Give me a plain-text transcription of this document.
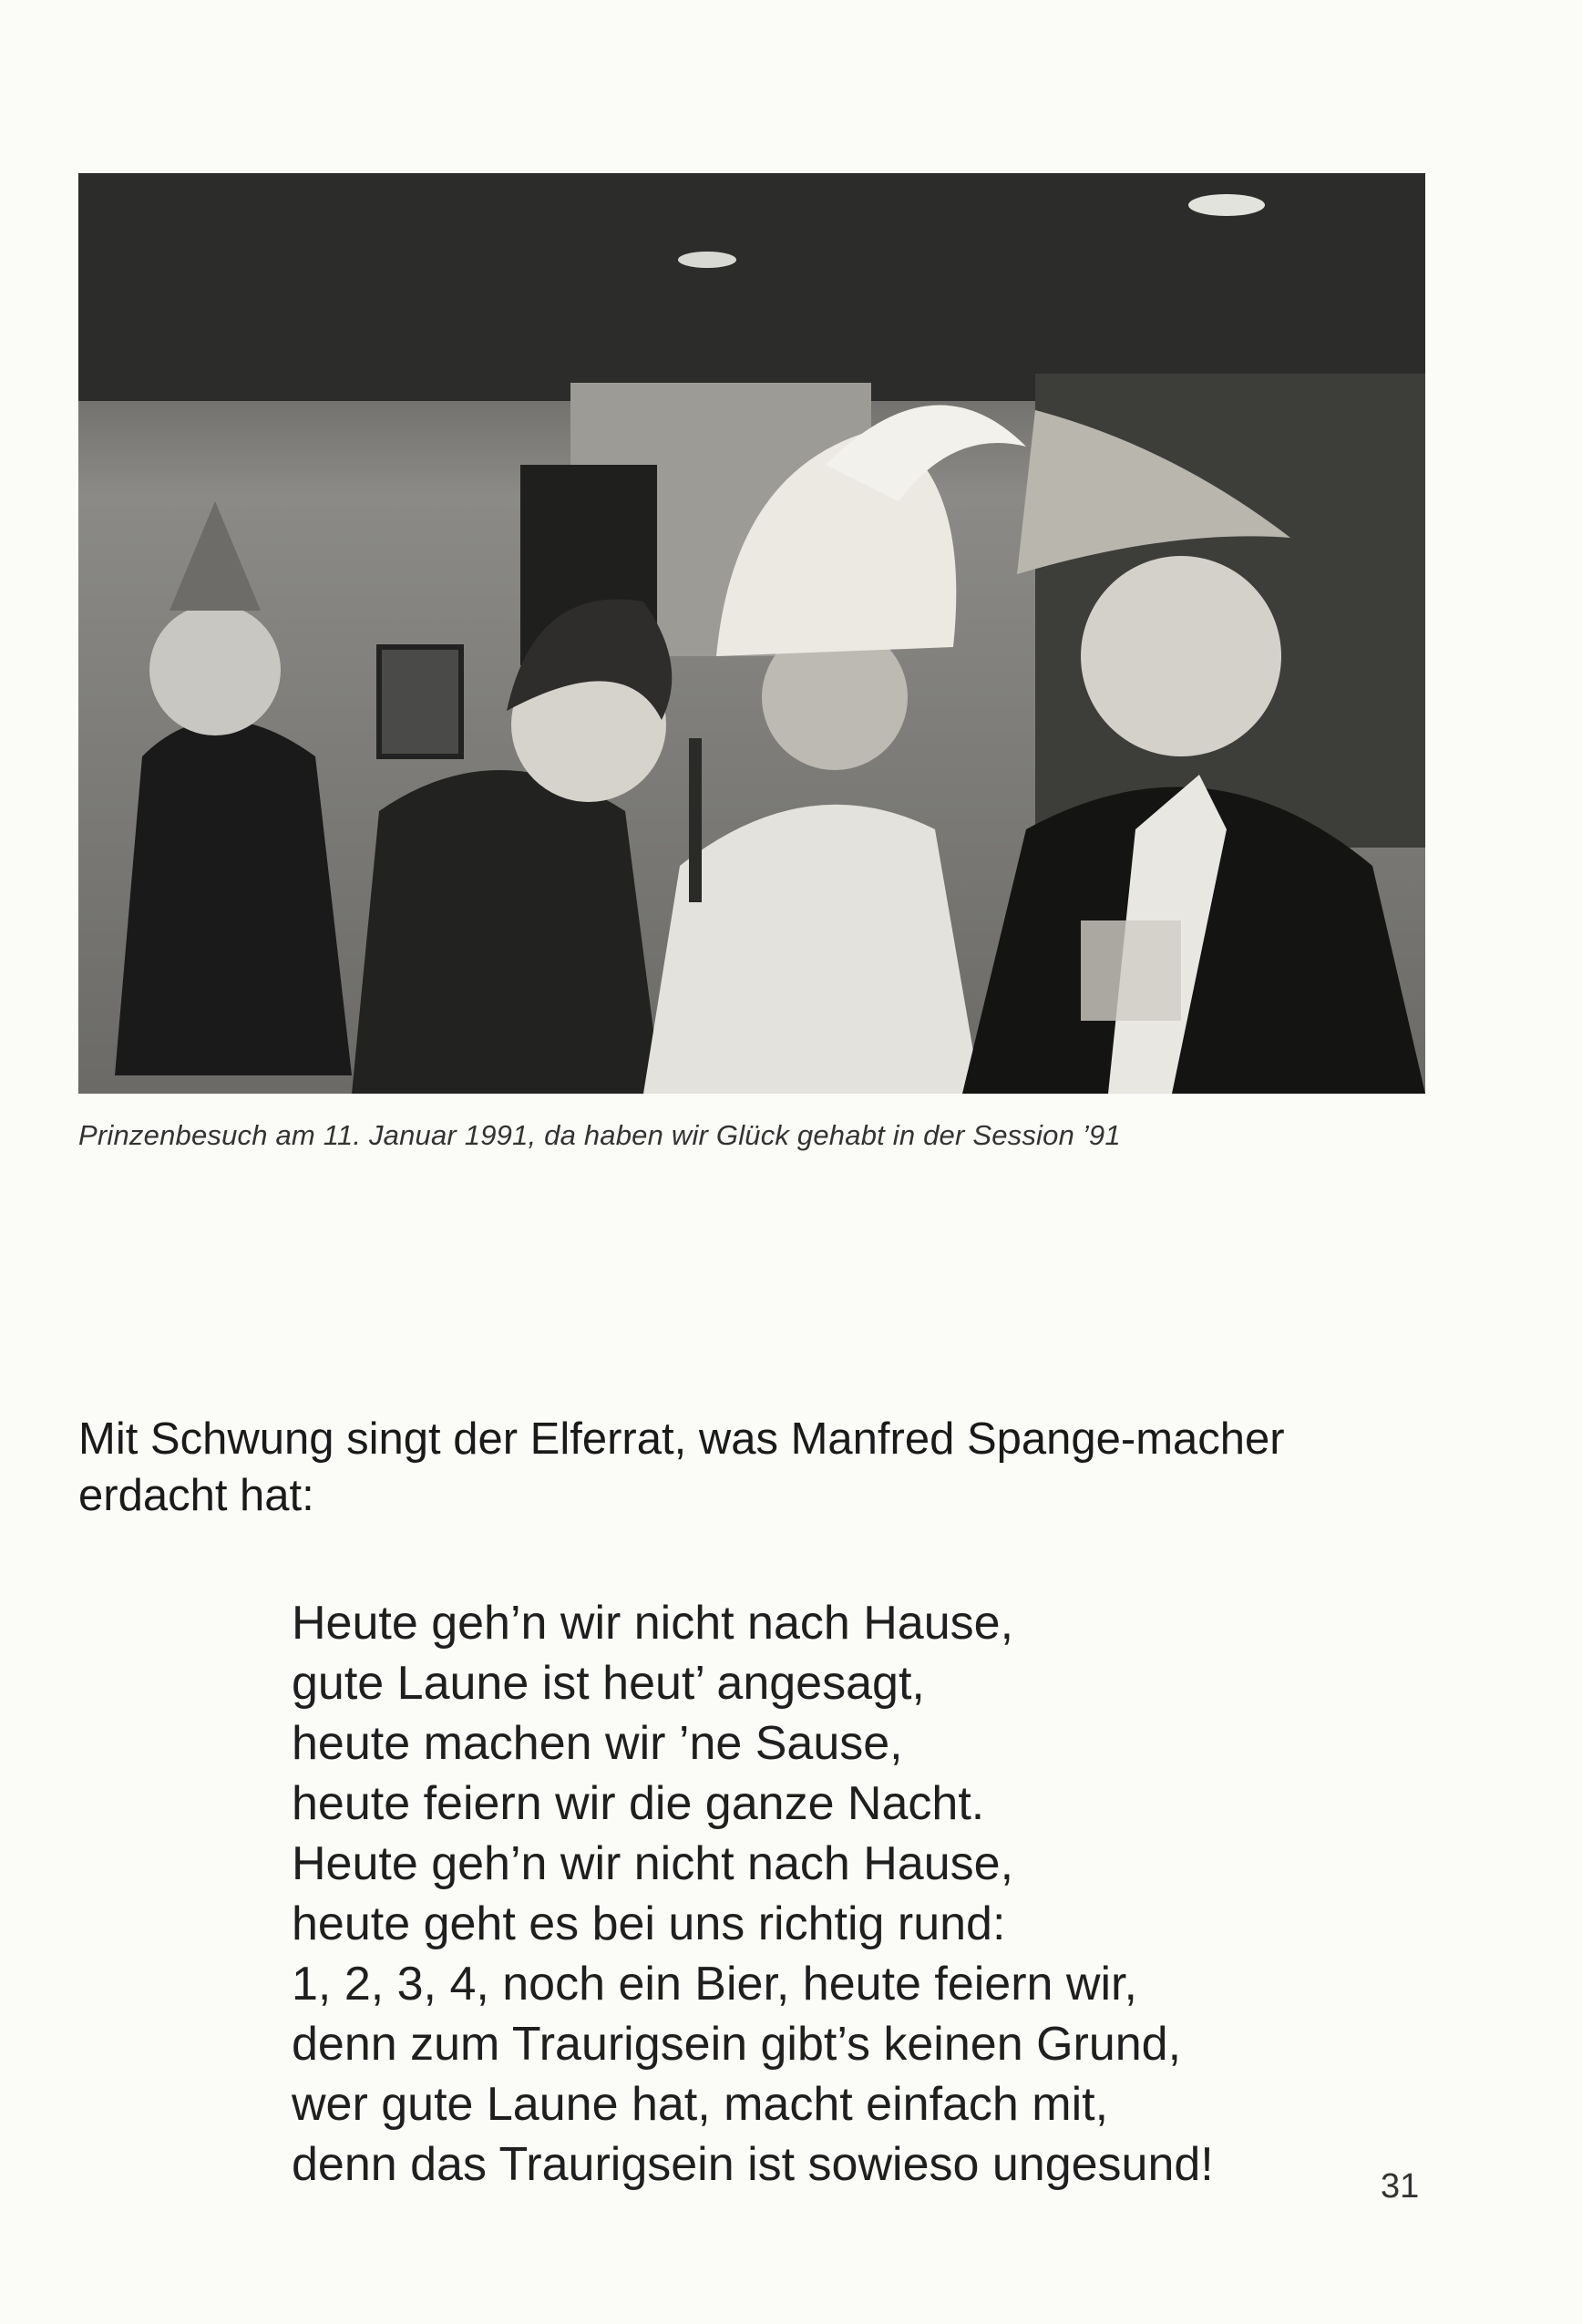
Prinzenbesuch am 11. Januar 1991, da haben wir Glück gehabt in der Session ’91
Mit Schwung singt der Elferrat, was Manfred Spange-macher erdacht hat:
Heute geh’n wir nicht nach Hause,
gute Laune ist heut’ angesagt,
heute machen wir ’ne Sause,
heute feiern wir die ganze Nacht.
Heute geh’n wir nicht nach Hause,
heute geht es bei uns richtig rund:
1, 2, 3, 4, noch ein Bier, heute feiern wir,
denn zum Traurigsein gibt’s keinen Grund,
wer gute Laune hat, macht einfach mit,
denn das Traurigsein ist sowieso ungesund!	31
